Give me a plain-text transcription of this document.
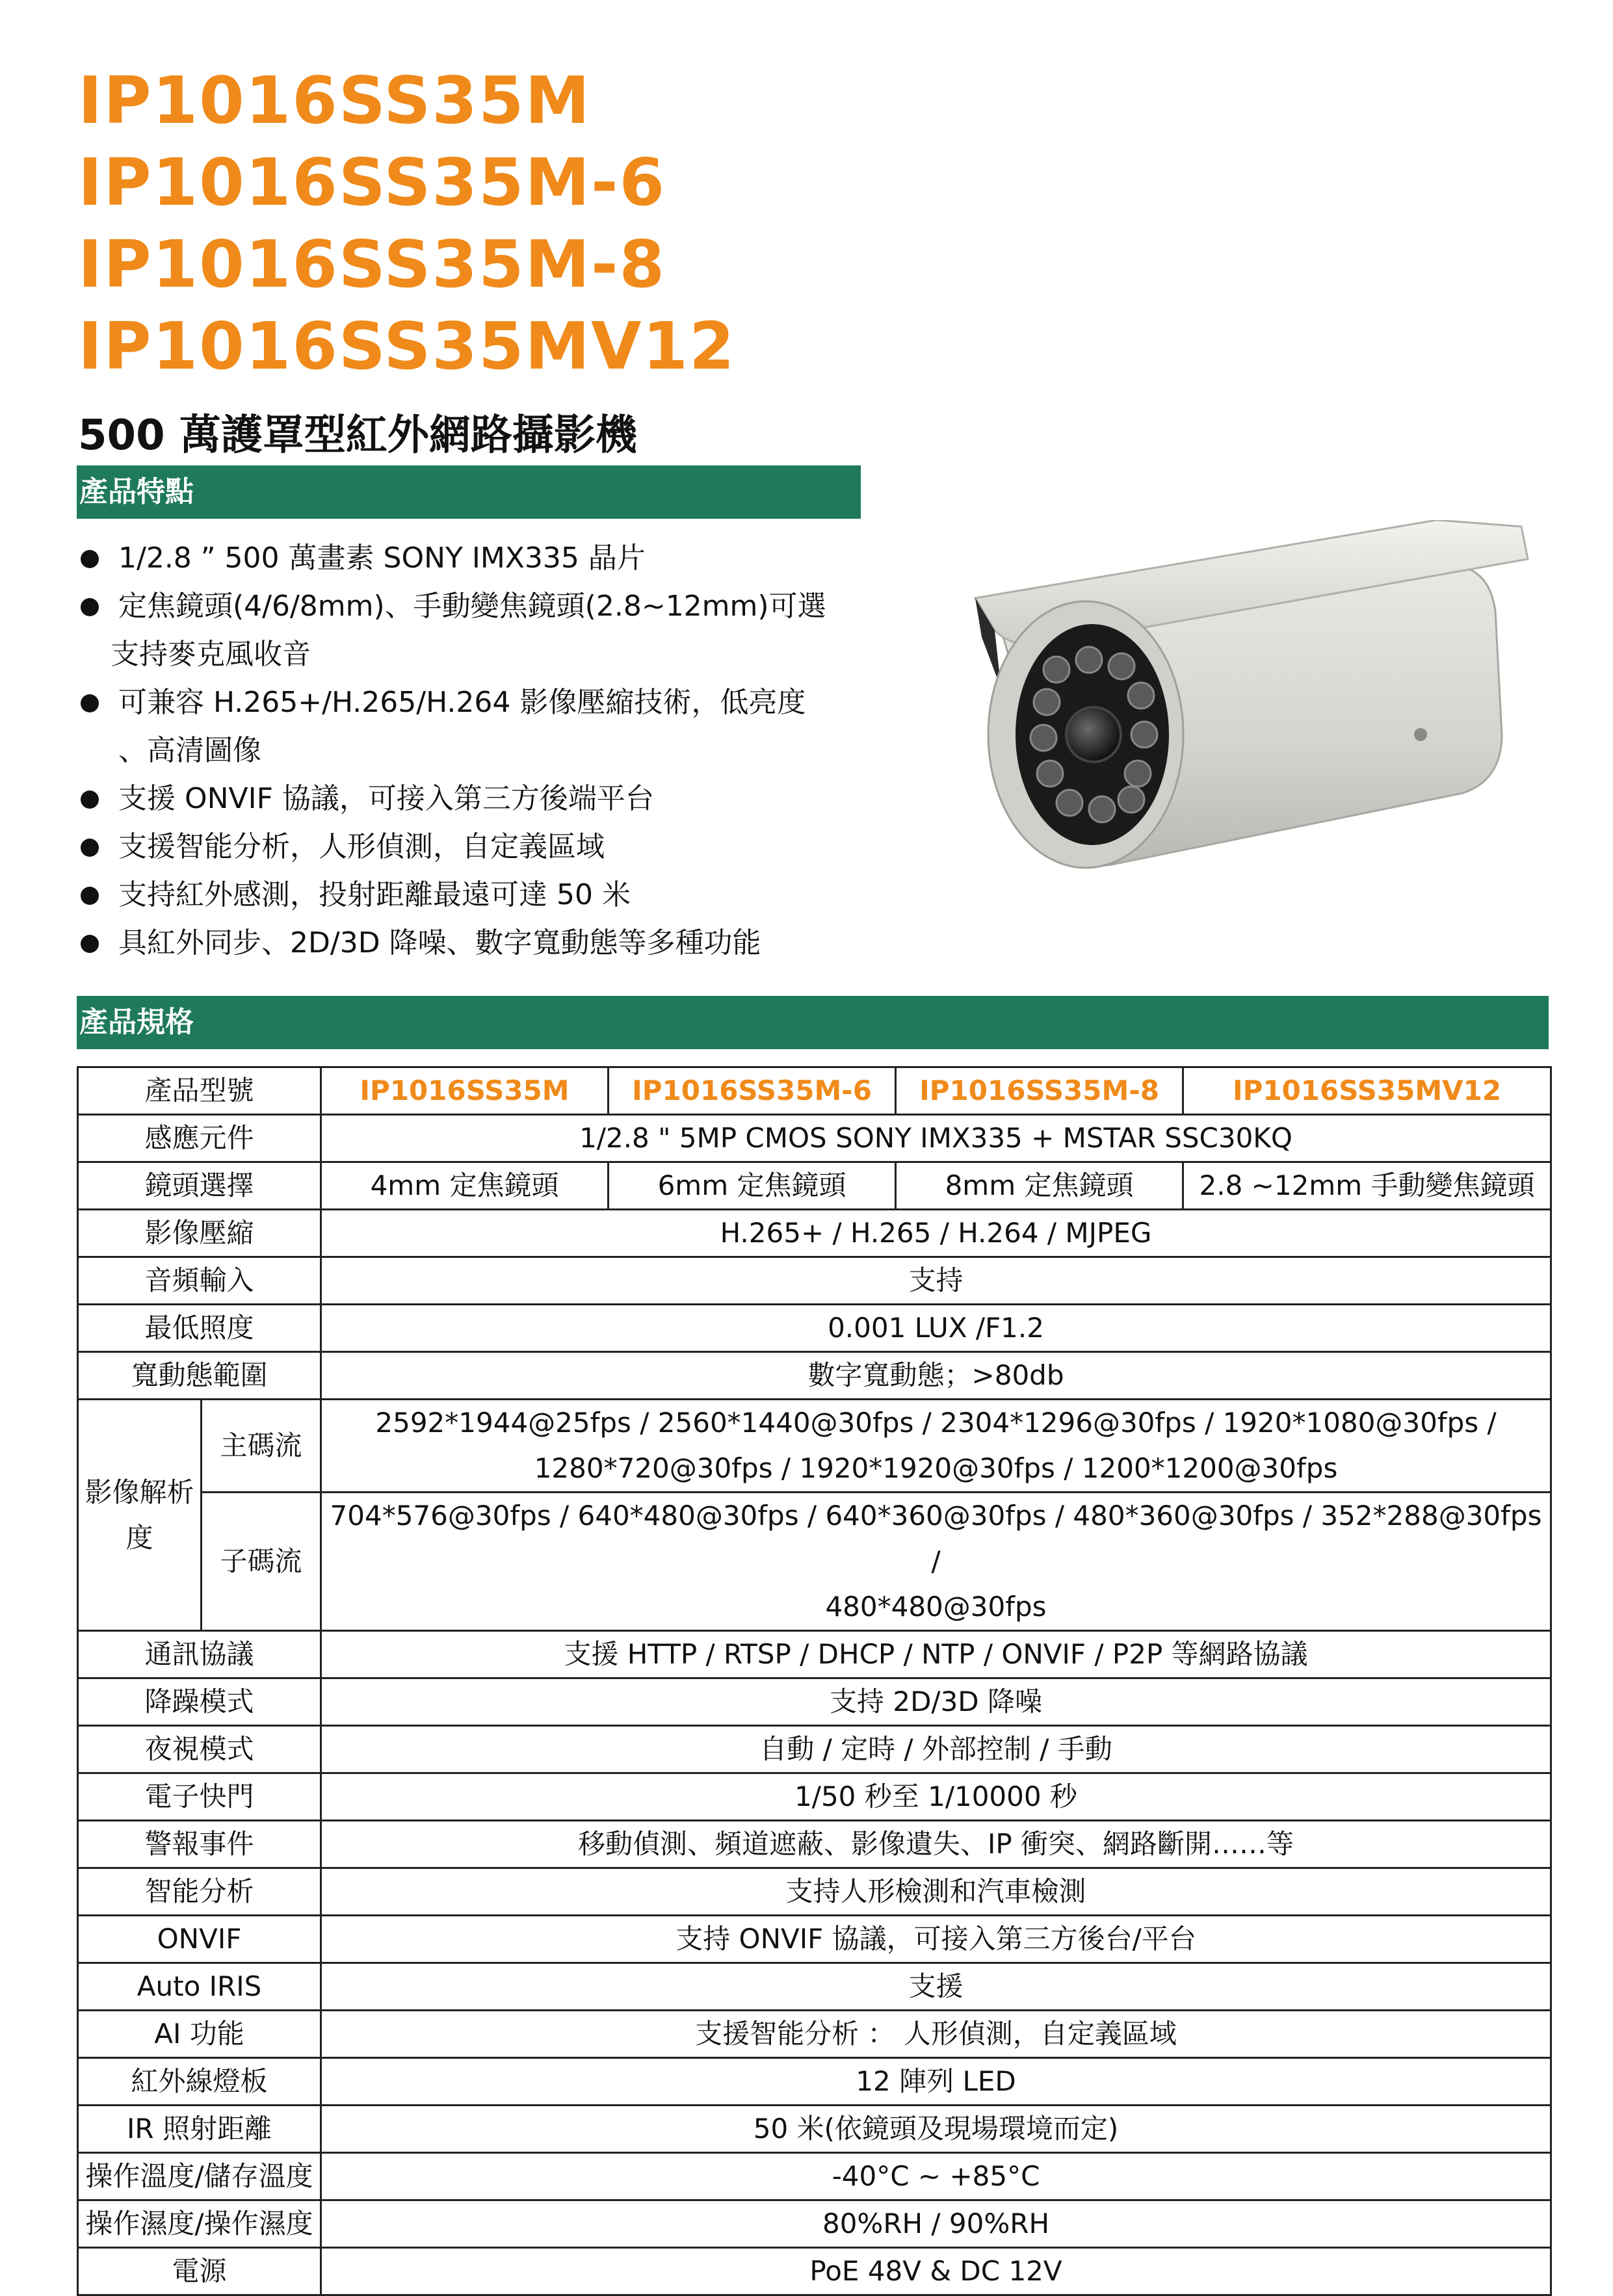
IP1016SS35M
IP1016SS35M-6
IP1016SS35M-8
IP1016SS35MV12
500 萬護罩型紅外網路攝影機
產品特點
1/2.8 ” 500 萬畫素 SONY IMX335 晶片
定焦鏡頭(4/6/8mm)、手動變焦鏡頭(2.8~12mm)可選
支持麥克風收音
可兼容 H.265+/H.265/H.264 影像壓縮技術，低亮度
、高清圖像
支援 ONVIF 協議，可接入第三方後端平台
支援智能分析，人形偵測，自定義區域
支持紅外感測，投射距離最遠可達 50 米
具紅外同步、2D/3D 降噪、數字寬動態等多種功能
產品規格
產品型號		IP1016SS35M	IP1016SS35M-6	IP1016SS35M-8	IP1016SS35MV12
感應元件		1/2.8 " 5MP CMOS SONY IMX335 + MSTAR SSC30KQ			
鏡頭選擇		4mm 定焦鏡頭	6mm 定焦鏡頭	8mm 定焦鏡頭	2.8 ~12mm 手動變焦鏡頭
影像壓縮		H.265+ / H.265 / H.264 / MJPEG			
音頻輸入		支持			
最低照度		0.001 LUX /F1.2			
寬動態範圍		數字寬動態；>80db			
影像解析度	主碼流	2592*1944@25fps / 2560*1440@30fps / 2304*1296@30fps / 1920*1080@30fps /
1280*720@30fps / 1920*1920@30fps / 1200*1200@30fps			

	子碼流	704*576@30fps / 640*480@30fps / 640*360@30fps / 480*360@30fps / 352*288@30fps /
480*480@30fps			

通訊協議		支援 HTTP / RTSP / DHCP / NTP / ONVIF / P2P 等網路協議			
降躁模式		支持 2D/3D 降噪			
夜視模式		自動 / 定時 / 外部控制 / 手動			
電子快門		1/50 秒至 1/10000 秒			
警報事件		移動偵測、頻道遮蔽、影像遺失、IP 衝突、網路斷開……等			
智能分析		支持人形檢測和汽車檢測			
ONVIF		支持 ONVIF 協議，可接入第三方後台/平台			
Auto IRIS		支援			
AI 功能		支援智能分析 ： 人形偵測，自定義區域			
紅外線燈板		12 陣列 LED			
IR 照射距離		50 米(依鏡頭及現場環境而定)			
操作溫度/儲存溫度		-40°C ~ +85°C			
操作濕度/操作濕度		80%RH / 90%RH			
電源		PoE 48V & DC 12V			
